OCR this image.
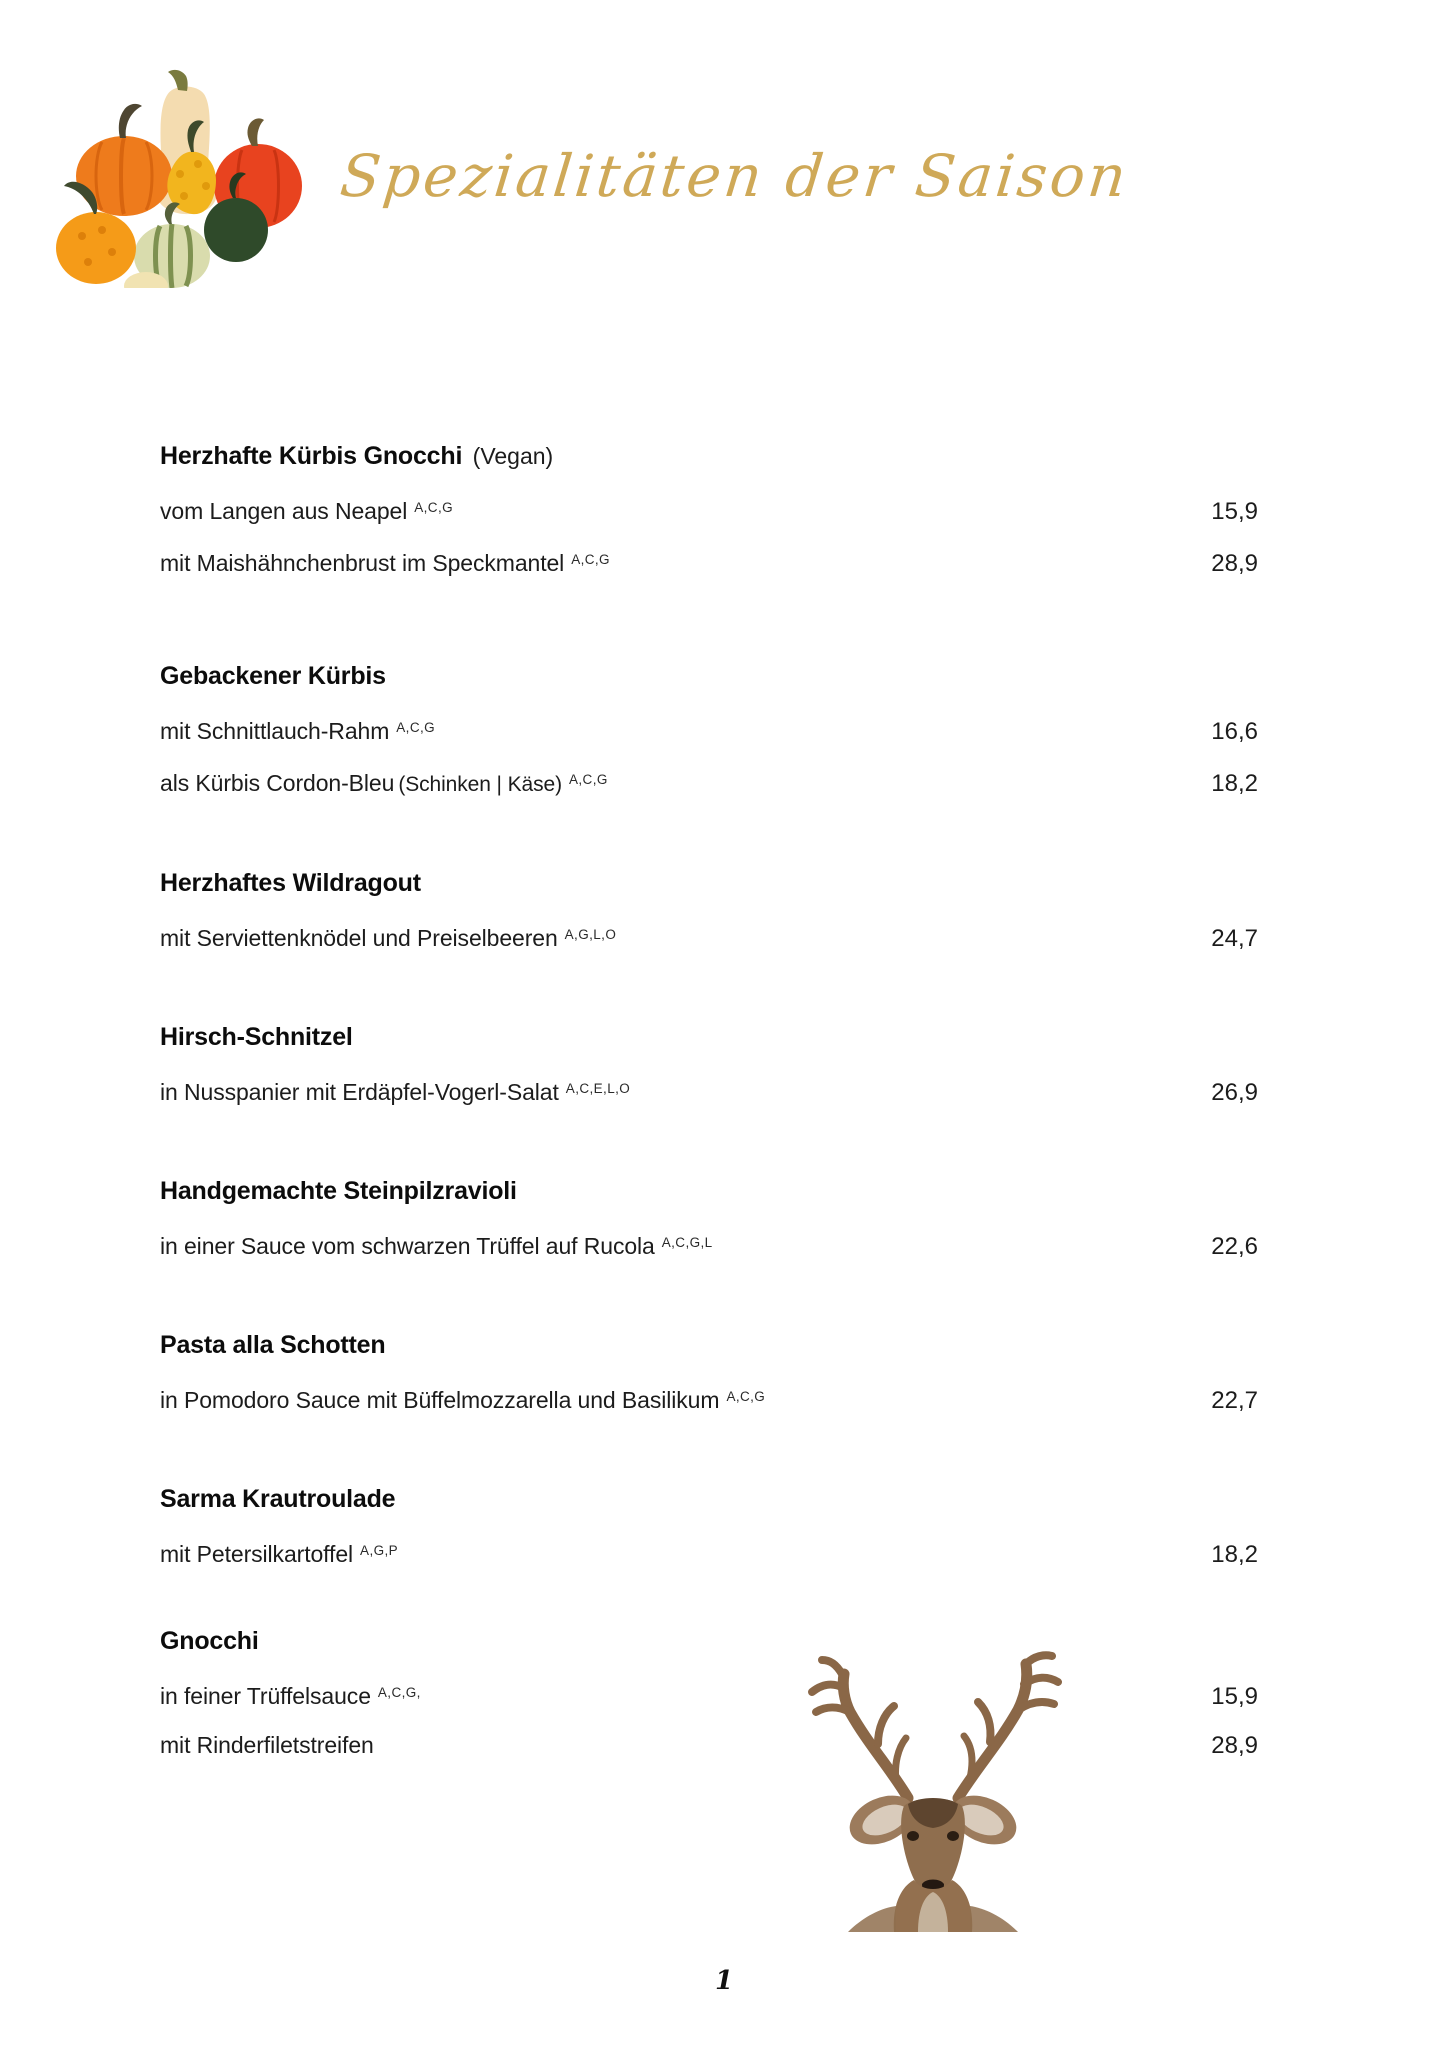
Spezialitäten der Saison
Herzhafte Kürbis Gnocchi (Vegan)
vom Langen aus Neapel $^{A,C,G}$	15,9
mit Maishähnchenbrust im Speckmantel $^{A,C,G}$	28,9
Gebackener Kürbis
mit Schnittlauch-Rahm $^{A,C,G}$	16,6
als Kürbis Cordon-Bleu (Schinken | Käse) $^{A,C,G}$	18,2
Herzhaftes Wildragout
mit Serviettenknödel und Preiselbeeren $^{A,G,L,O}$	24,7
Hirsch-Schnitzel
in Nusspanier mit Erdäpfel-Vogerl-Salat $^{A,C,E,L,O}$	26,9
Handgemachte Steinpilzravioli
in einer Sauce vom schwarzen Trüffel auf Rucola $^{A,C,G,L}$	22,6
Pasta alla Schotten
in Pomodoro Sauce mit Büffelmozzarella und Basilikum $^{A,C,G}$	22,7
Sarma Krautroulade
mit Petersilkartoffel $^{A,G,P}$	18,2
Gnocchi
in feiner Trüffelsauce $^{A,C,G,}$	15,9
mit Rinderfiletstreifen	28,9
1
